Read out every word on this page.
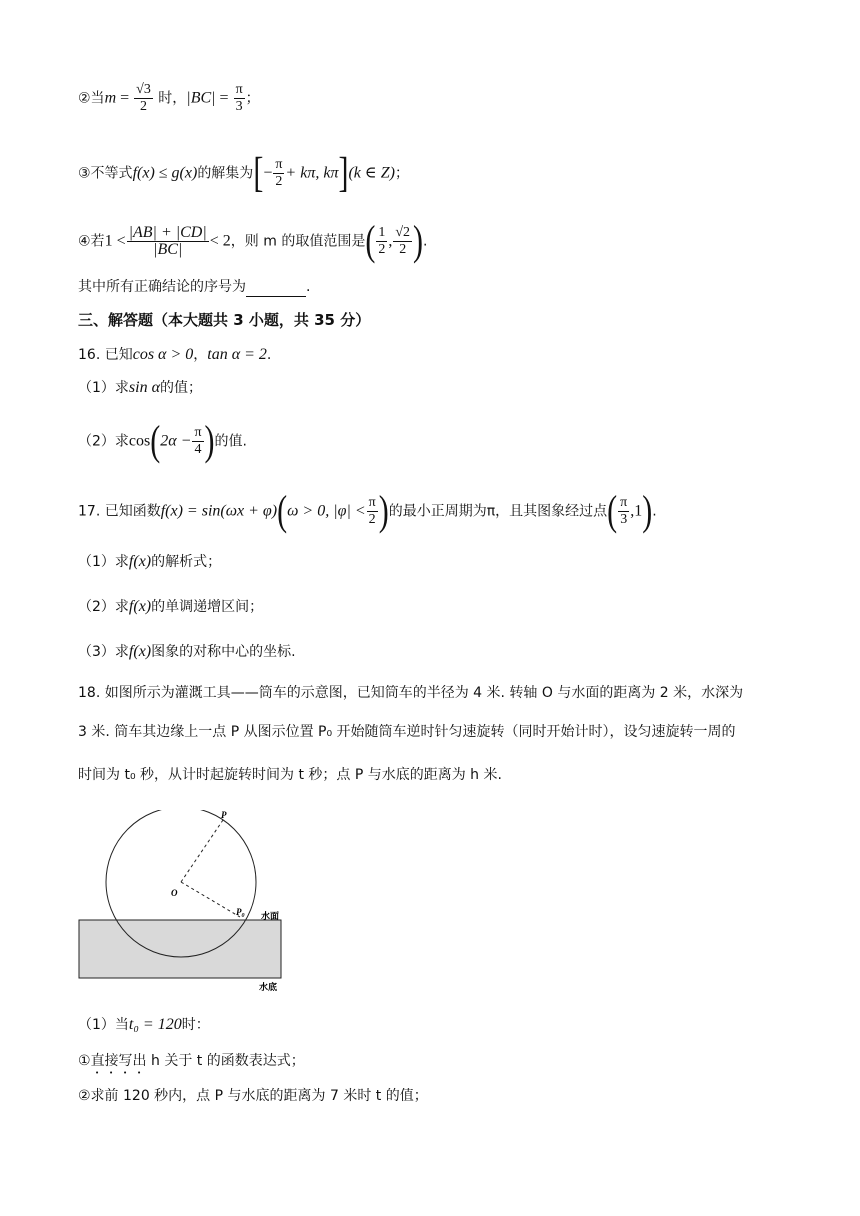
②当$m = \frac{√3}{2}$ 时，$|BC| = \frac{\pi}{3}$ ；
③不等式f(x) ≤ g(x)的解集为[− $\frac{\pi}{2} + k\pi$, kπ](k ∈ Z)；
④若$1 < \frac{|AB| + |CD|}{|BC|} < 2$，则 m 的取值范围是( $\frac{1}{2}$ , $\frac{√2}{2}$ ).
其中所有正确结论的序号为	.
三、解答题（本大题共 3 小题，共 35 分）
16. 已知cos α > 0，tan α = 2.
（1）求sin α的值；
（2）求$\cos(2\alpha - \frac{\pi}{4}$ )的值.
17. 已知函数f(x) = sin(ωx + φ)(ω > 0, $|\varphi| < \frac{\pi}{2}$ )的最小正周期为π，且其图象经过点( $\frac{\pi}{3} ,1$).
（1）求f(x)的解析式；
（2）求f(x)的单调递增区间；
（3）求f(x)图象的对称中心的坐标.
18. 如图所示为灌溉工具——筒车的示意图，已知筒车的半径为 4 米. 转轴 O 与水面的距离为 2 米，水深为
3 米. 筒车其边缘上一点 P 从图示位置 P₀ 开始随筒车逆时针匀速旋转（同时开始计时），设匀速旋转一周的
时间为 t₀ 秒，从计时起旋转时间为 t 秒；点 P 与水底的距离为 h 米.
P
O
$P_0$ 水面
水底
（1）当t₀ = 120时：
①直接写出 h 关于 t 的函数表达式；
②求前 120 秒内，点 P 与水底的距离为 7 米时 t 的值；
